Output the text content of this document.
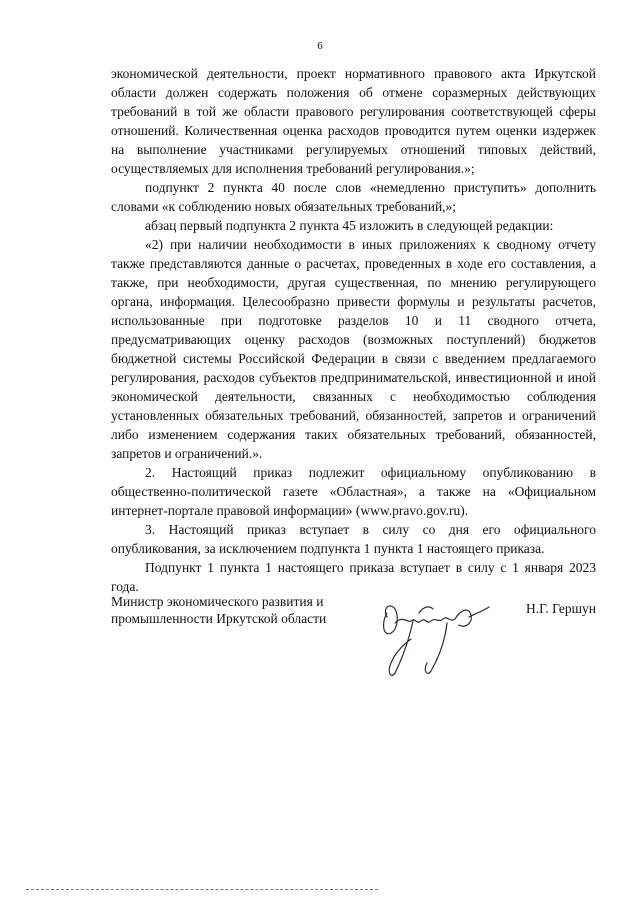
6

экономической деятельности, проект нормативного правового акта Иркутской области должен содержать положения об отмене соразмерных действующих требований в той же области правового регулирования соответствующей сферы отношений. Количественная оценка расходов проводится путем оценки издержек на выполнение участниками регулируемых отношений типовых действий, осуществляемых для исполнения требований регулирования.»;

подпункт 2 пункта 40 после слов «немедленно приступить» дополнить словами «к соблюдению новых обязательных требований,»;

абзац первый подпункта 2 пункта 45 изложить в следующей редакции:

«2) при наличии необходимости в иных приложениях к сводному отчету также представляются данные о расчетах, проведенных в ходе его составления, а также, при необходимости, другая существенная, по мнению регулирующего органа, информация. Целесообразно привести формулы и результаты расчетов, использованные при подготовке разделов 10 и 11 сводного отчета, предусматривающих оценку расходов (возможных поступлений) бюджетов бюджетной системы Российской Федерации в связи с введением предлагаемого регулирования, расходов субъектов предпринимательской, инвестиционной и иной экономической деятельности, связанных с необходимостью соблюдения установленных обязательных требований, обязанностей, запретов и ограничений либо изменением содержания таких обязательных требований, обязанностей, запретов и ограничений.».

2. Настоящий приказ подлежит официальному опубликованию в общественно-политической газете «Областная», а также на «Официальном интернет-портале правовой информации» (www.pravo.gov.ru).

3. Настоящий приказ вступает в силу со дня его официального опубликования, за исключением подпункта 1 пункта 1 настоящего приказа.

Подпункт 1 пункта 1 настоящего приказа вступает в силу с 1 января 2023 года.

Министр экономического развития и
промышленности Иркутской области
Н.Г. Гершун
